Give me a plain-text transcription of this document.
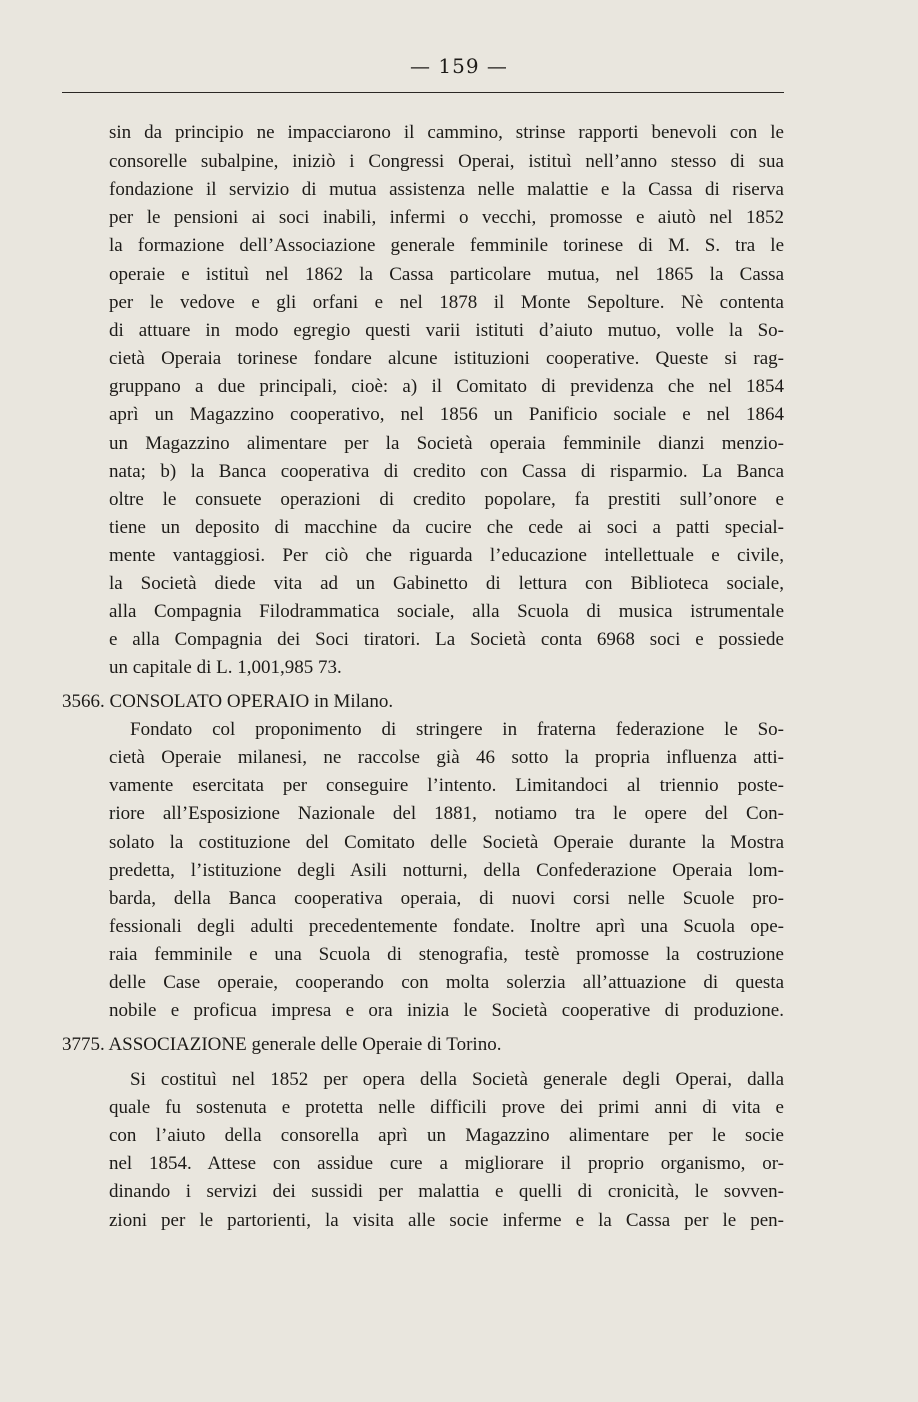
— 159 —
sin da principio ne impacciarono il cammino, strinse rapporti benevoli con le
consorelle subalpine, iniziò i Congressi Operai, istituì nell’anno stesso di sua
fondazione il servizio di mutua assistenza nelle malattie e la Cassa di riserva
per le pensioni ai soci inabili, infermi o vecchi, promosse e aiutò nel 1852
la formazione dell’Associazione generale femminile torinese di M. S. tra le
operaie e istituì nel 1862 la Cassa particolare mutua, nel 1865 la Cassa
per le vedove e gli orfani e nel 1878 il Monte Sepolture. Nè contenta
di attuare in modo egregio questi varii istituti d’aiuto mutuo, volle la So-
cietà Operaia torinese fondare alcune istituzioni cooperative. Queste si rag-
gruppano a due principali, cioè: a) il Comitato di previdenza che nel 1854
aprì un Magazzino cooperativo, nel 1856 un Panificio sociale e nel 1864
un Magazzino alimentare per la Società operaia femminile dianzi menzio-
nata; b) la Banca cooperativa di credito con Cassa di risparmio. La Banca
oltre le consuete operazioni di credito popolare, fa prestiti sull’onore e
tiene un deposito di macchine da cucire che cede ai soci a patti special-
mente vantaggiosi. Per ciò che riguarda l’educazione intellettuale e civile,
la Società diede vita ad un Gabinetto di lettura con Biblioteca sociale,
alla Compagnia Filodrammatica sociale, alla Scuola di musica istrumentale
e alla Compagnia dei Soci tiratori. La Società conta 6968 soci e possiede
un capitale di L. 1,001,985 73.
3566. CONSOLATO OPERAIO in Milano.
Fondato col proponimento di stringere in fraterna federazione le So-
cietà Operaie milanesi, ne raccolse già 46 sotto la propria influenza atti-
vamente esercitata per conseguire l’intento. Limitandoci al triennio poste-
riore all’Esposizione Nazionale del 1881, notiamo tra le opere del Con-
solato la costituzione del Comitato delle Società Operaie durante la Mostra
predetta, l’istituzione degli Asili notturni, della Confederazione Operaia lom-
barda, della Banca cooperativa operaia, di nuovi corsi nelle Scuole pro-
fessionali degli adulti precedentemente fondate. Inoltre aprì una Scuola ope-
raia femminile e una Scuola di stenografia, testè promosse la costruzione
delle Case operaie, cooperando con molta solerzia all’attuazione di questa
nobile e proficua impresa e ora inizia le Società cooperative di produzione.
3775. ASSOCIAZIONE generale delle Operaie di Torino.
Si costituì nel 1852 per opera della Società generale degli Operai, dalla
quale fu sostenuta e protetta nelle difficili prove dei primi anni di vita e
con l’aiuto della consorella aprì un Magazzino alimentare per le socie
nel 1854. Attese con assidue cure a migliorare il proprio organismo, or-
dinando i servizi dei sussidi per malattia e quelli di cronicità, le sovven-
zioni per le partorienti, la visita alle socie inferme e la Cassa per le pen-
